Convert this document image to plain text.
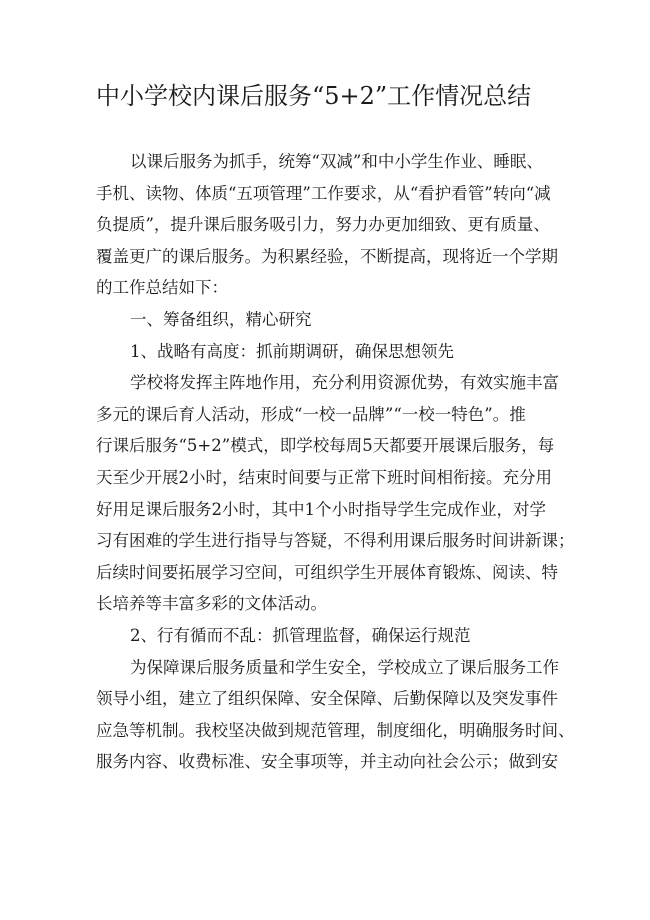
中小学校内课后服务“5+2”工作情况总结
以课后服务为抓手，统筹“双减”和中小学生作业、睡眠、
手机、读物、体质“五项管理”工作要求，从“看护看管”转向“减
负提质”，提升课后服务吸引力，努力办更加细致、更有质量、
覆盖更广的课后服务。为积累经验，不断提高，现将近一个学期
的工作总结如下：
一、筹备组织，精心研究
1、战略有高度：抓前期调研，确保思想领先
学校将发挥主阵地作用，充分利用资源优势，有效实施丰富
多元的课后育人活动，形成“一校一品牌”“一校一特色”。推
行课后服务“5+2”模式，即学校每周5天都要开展课后服务，每
天至少开展2小时，结束时间要与正常下班时间相衔接。充分用
好用足课后服务2小时，其中1个小时指导学生完成作业，对学
习有困难的学生进行指导与答疑，不得利用课后服务时间讲新课；
后续时间要拓展学习空间，可组织学生开展体育锻炼、阅读、特
长培养等丰富多彩的文体活动。
2、行有循而不乱：抓管理监督，确保运行规范
为保障课后服务质量和学生安全，学校成立了课后服务工作
领导小组，建立了组织保障、安全保障、后勤保障以及突发事件
应急等机制。我校坚决做到规范管理，制度细化，明确服务时间、
服务内容、收费标准、安全事项等，并主动向社会公示；做到安
